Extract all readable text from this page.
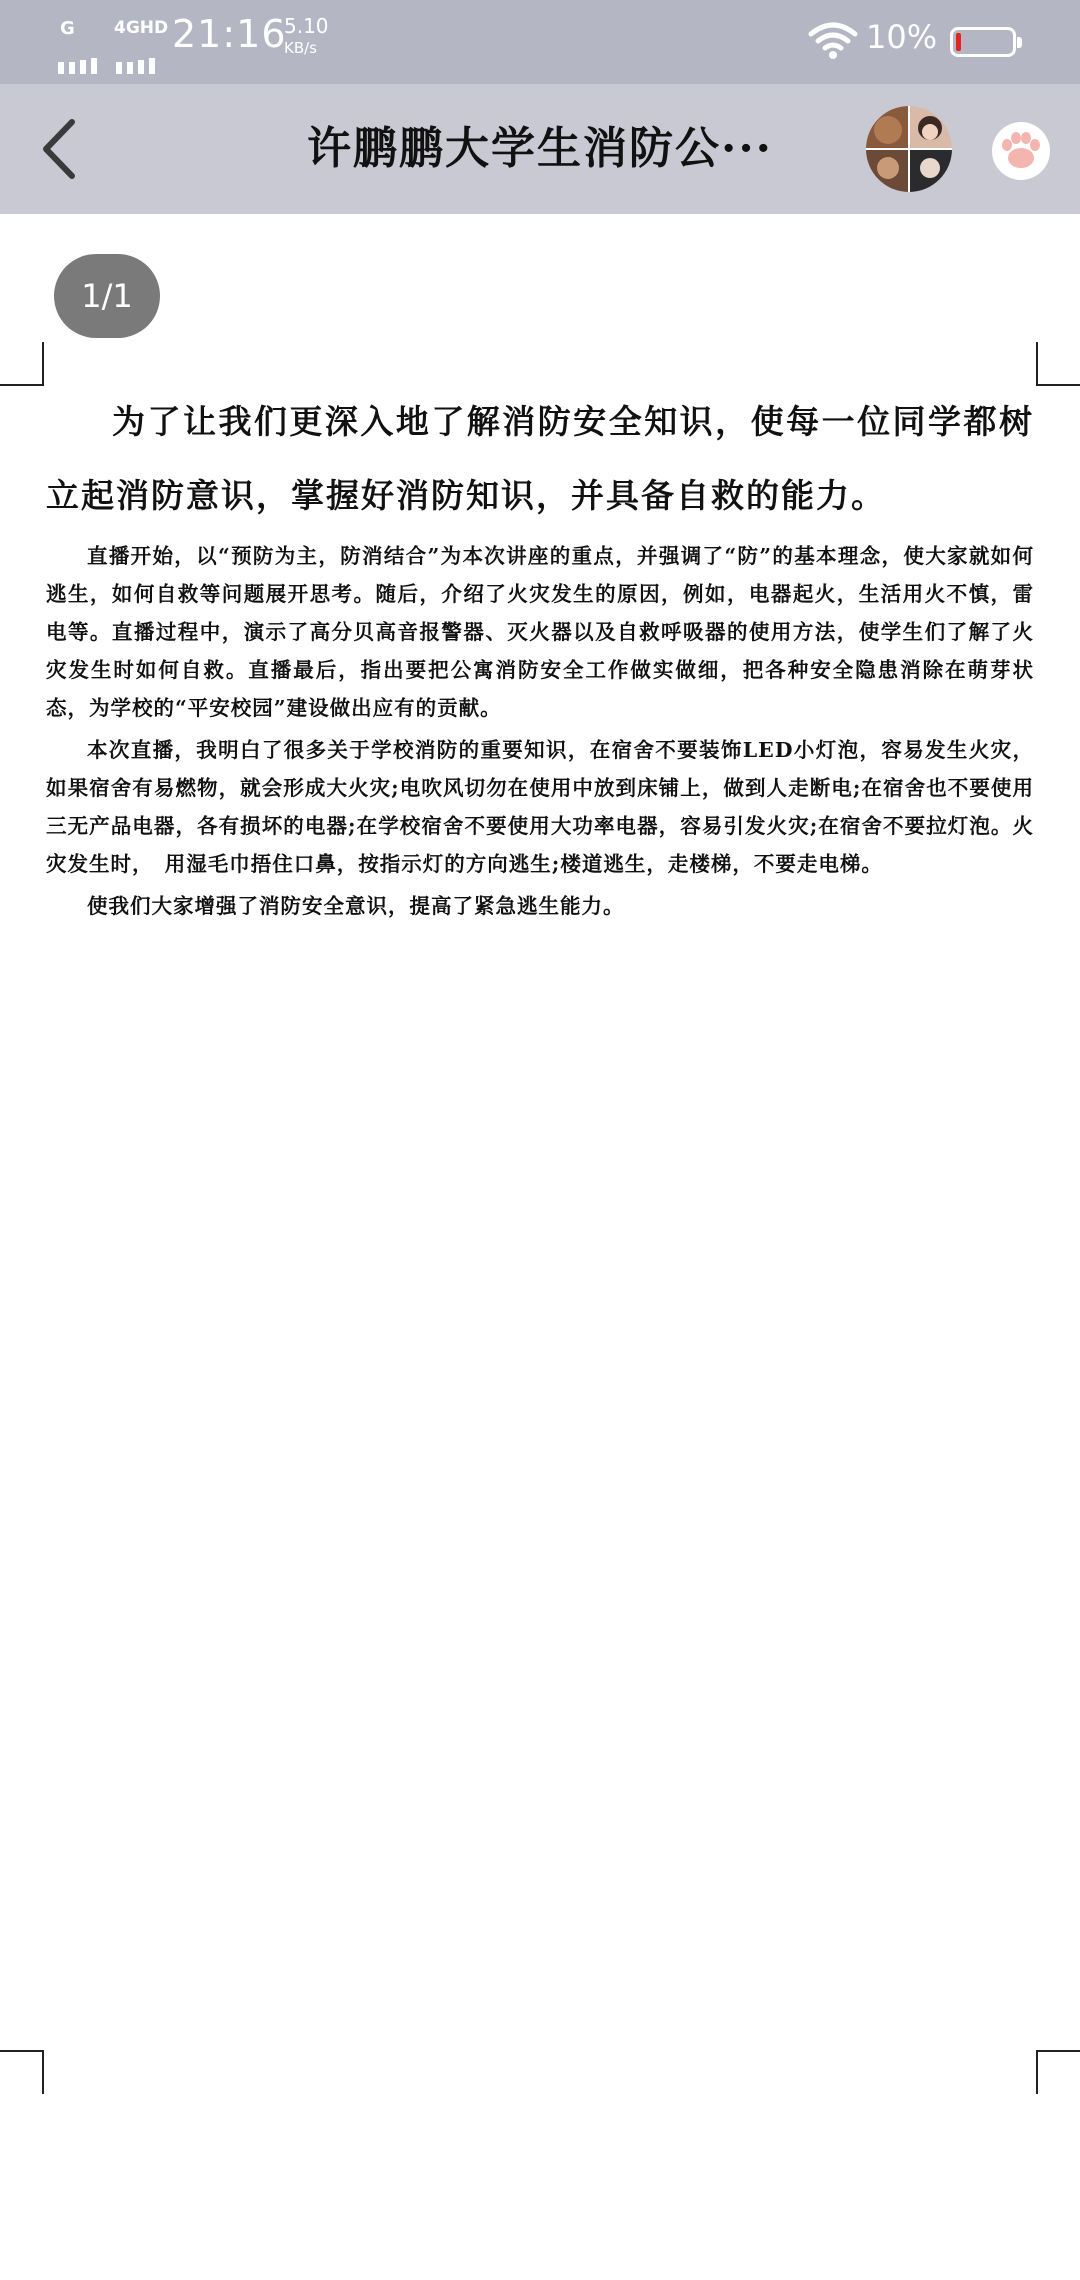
G 4GHD 21:16
5.10
KB/s	10%
许鹏鹏大学生消防公···
1/1

为了让我们更深入地了解消防安全知识，使每一位同学都树立起消防意识，掌握好消防知识，并具备自救的能力。

直播开始，以“预防为主，防消结合”为本次讲座的重点，并强调了“防”的基本理念，使大家就如何逃生，如何自救等问题展开思考。随后，介绍了火灾发生的原因，例如，电器起火，生活用火不慎，雷电等。直播过程中，演示了高分贝高音报警器、灭火器以及自救呼吸器的使用方法，使学生们了解了火灾发生时如何自救。直播最后，指出要把公寓消防安全工作做实做细，把各种安全隐患消除在萌芽状态，为学校的“平安校园”建设做出应有的贡献。

本次直播，我明白了很多关于学校消防的重要知识，在宿舍不要装饰LED小灯泡，容易发生火灾，如果宿舍有易燃物，就会形成大火灾;电吹风切勿在使用中放到床铺上，做到人走断电;在宿舍也不要使用三无产品电器，各有损坏的电器;在学校宿舍不要使用大功率电器，容易引发火灾;在宿舍不要拉灯泡。火灾发生时，　用湿毛巾捂住口鼻，按指示灯的方向逃生;楼道逃生，走楼梯，不要走电梯。

使我们大家增强了消防安全意识，提高了紧急逃生能力。
